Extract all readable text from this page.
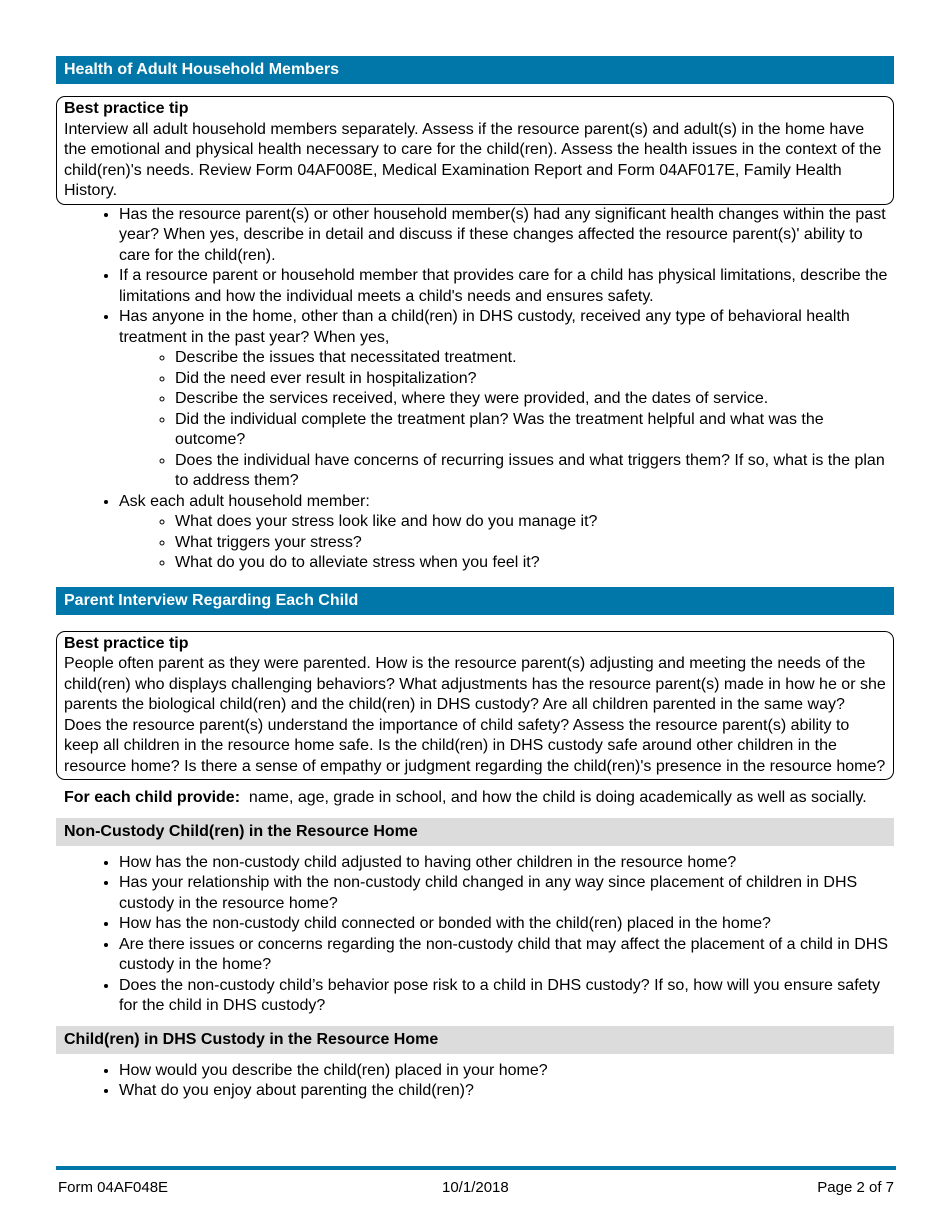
Health of Adult Household Members
Best practice tip
Interview all adult household members separately. Assess if the resource parent(s) and adult(s) in the home have the emotional and physical health necessary to care for the child(ren). Assess the health issues in the context of the child(ren)'s needs. Review Form 04AF008E, Medical Examination Report and Form 04AF017E, Family Health History.
• Has the resource parent(s) or other household member(s) had any significant health changes within the past year? When yes, describe in detail and discuss if these changes affected the resource parent(s)' ability to care for the child(ren).
• If a resource parent or household member that provides care for a child has physical limitations, describe the limitations and how the individual meets a child's needs and ensures safety.
• Has anyone in the home, other than a child(ren) in DHS custody, received any type of behavioral health treatment in the past year? When yes,
◦ Describe the issues that necessitated treatment.
◦ Did the need ever result in hospitalization?
◦ Describe the services received, where they were provided, and the dates of service.
◦ Did the individual complete the treatment plan? Was the treatment helpful and what was the outcome?
◦ Does the individual have concerns of recurring issues and what triggers them? If so, what is the plan to address them?
• Ask each adult household member:
◦ What does your stress look like and how do you manage it?
◦ What triggers your stress?
◦ What do you do to alleviate stress when you feel it?
Parent Interview Regarding Each Child
Best practice tip
People often parent as they were parented. How is the resource parent(s) adjusting and meeting the needs of the child(ren) who displays challenging behaviors? What adjustments has the resource parent(s) made in how he or she parents the biological child(ren) and the child(ren) in DHS custody? Are all children parented in the same way? Does the resource parent(s) understand the importance of child safety? Assess the resource parent(s) ability to keep all children in the resource home safe. Is the child(ren) in DHS custody safe around other children in the resource home? Is there a sense of empathy or judgment regarding the child(ren)'s presence in the resource home?
For each child provide:  name, age, grade in school, and how the child is doing academically as well as socially.
Non-Custody Child(ren) in the Resource Home
• How has the non-custody child adjusted to having other children in the resource home?
• Has your relationship with the non-custody child changed in any way since placement of children in DHS custody in the resource home?
• How has the non-custody child connected or bonded with the child(ren) placed in the home?
• Are there issues or concerns regarding the non-custody child that may affect the placement of a child in DHS custody in the home?
• Does the non-custody child’s behavior pose risk to a child in DHS custody? If so, how will you ensure safety for the child in DHS custody?
Child(ren) in DHS Custody in the Resource Home
• How would you describe the child(ren) placed in your home?
• What do you enjoy about parenting the child(ren)?
Form 04AF048E	10/1/2018	Page 2 of 7
